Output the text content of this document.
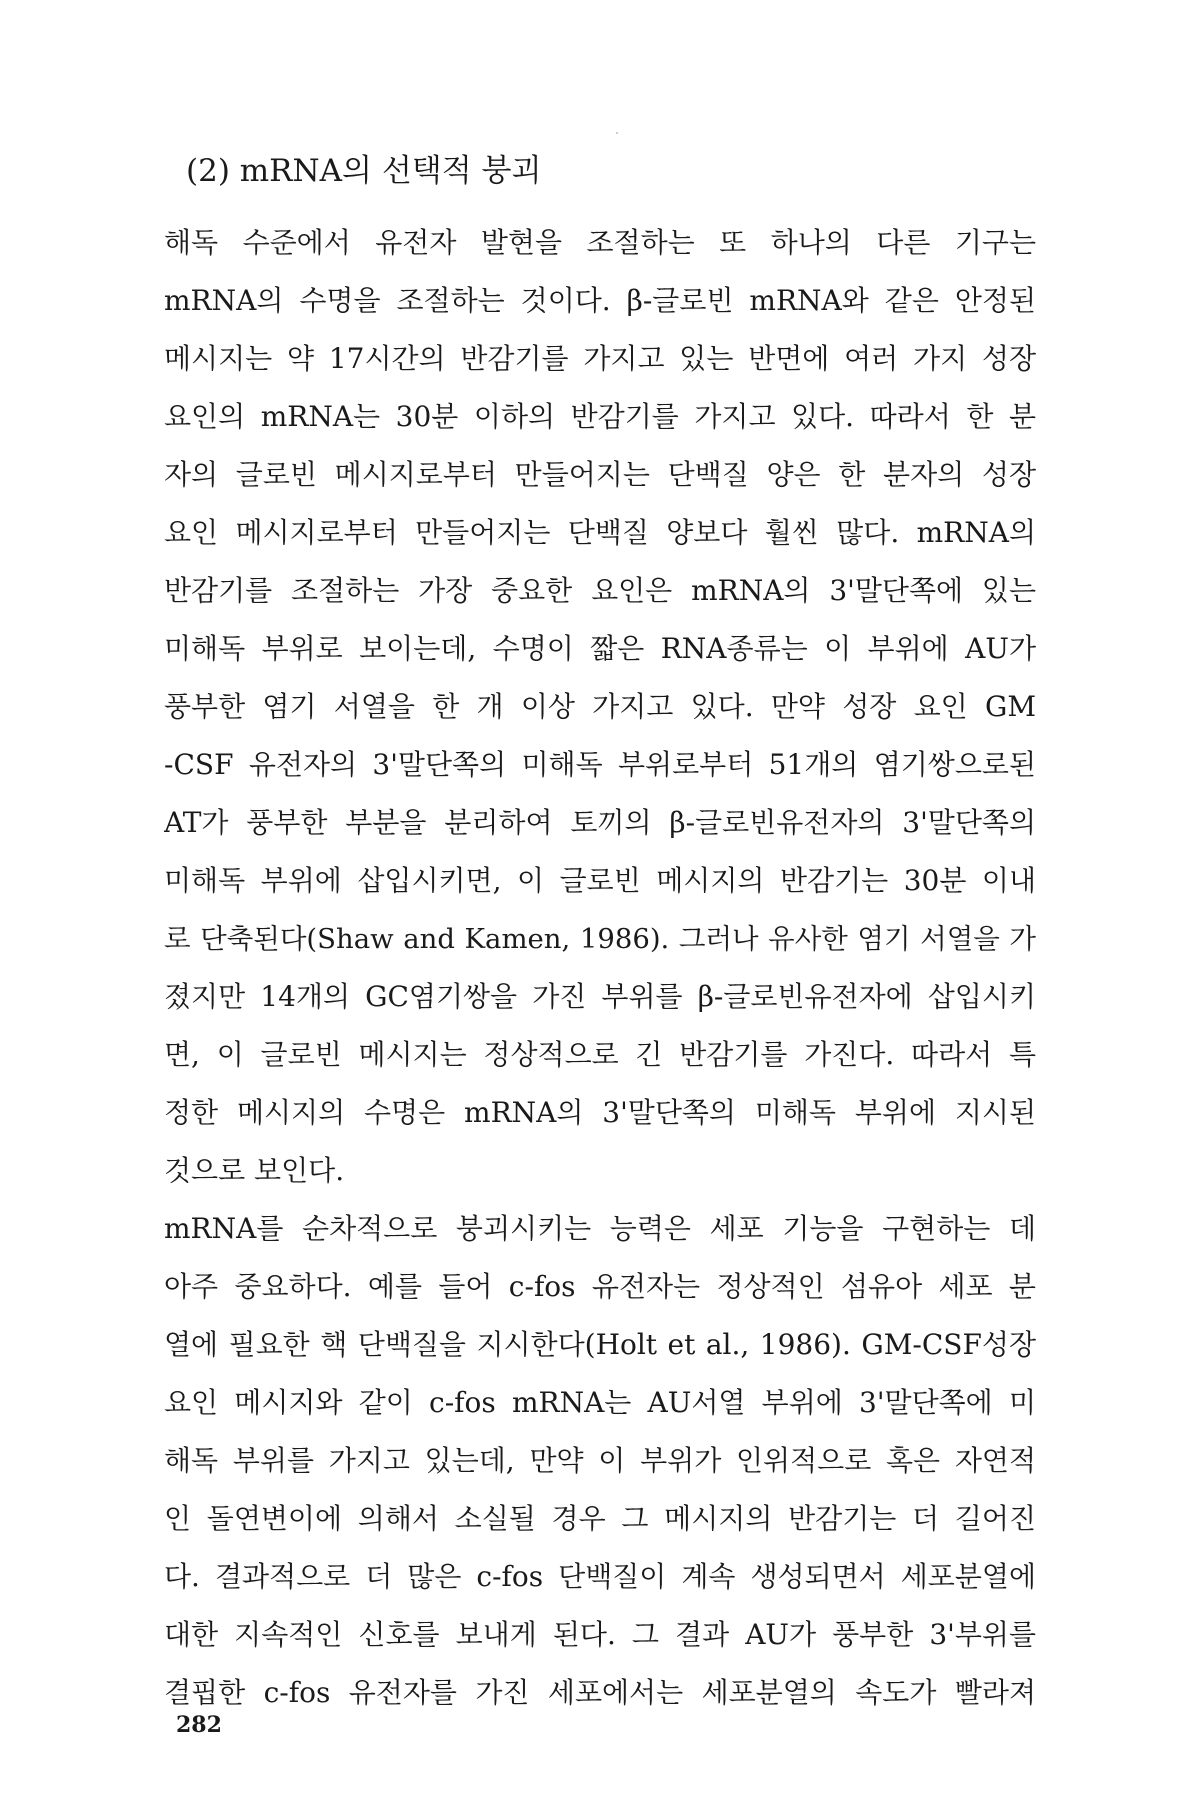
(2) mRNA의 선택적 붕괴
해독 수준에서 유전자 발현을 조절하는 또 하나의 다른 기구는
mRNA의 수명을 조절하는 것이다. β-글로빈 mRNA와 같은 안정된
메시지는 약 17시간의 반감기를 가지고 있는 반면에 여러 가지 성장
요인의 mRNA는 30분 이하의 반감기를 가지고 있다. 따라서 한 분
자의 글로빈 메시지로부터 만들어지는 단백질 양은 한 분자의 성장
요인 메시지로부터 만들어지는 단백질 양보다 훨씬 많다. mRNA의
반감기를 조절하는 가장 중요한 요인은 mRNA의 3'말단쪽에 있는
미해독 부위로 보이는데, 수명이 짧은 RNA종류는 이 부위에 AU가
풍부한 염기 서열을 한 개 이상 가지고 있다. 만약 성장 요인 GM
-CSF 유전자의 3'말단쪽의 미해독 부위로부터 51개의 염기쌍으로된
AT가 풍부한 부분을 분리하여 토끼의 β-글로빈유전자의 3'말단쪽의
미해독 부위에 삽입시키면, 이 글로빈 메시지의 반감기는 30분 이내
로 단축된다(Shaw and Kamen, 1986). 그러나 유사한 염기 서열을 가
졌지만 14개의 GC염기쌍을 가진 부위를 β-글로빈유전자에 삽입시키
면, 이 글로빈 메시지는 정상적으로 긴 반감기를 가진다. 따라서 특
정한 메시지의 수명은 mRNA의 3'말단쪽의 미해독 부위에 지시된
것으로 보인다.
mRNA를 순차적으로 붕괴시키는 능력은 세포 기능을 구현하는 데
아주 중요하다. 예를 들어 c-fos 유전자는 정상적인 섬유아 세포 분
열에 필요한 핵 단백질을 지시한다(Holt et al., 1986). GM-CSF성장
요인 메시지와 같이 c-fos mRNA는 AU서열 부위에 3'말단쪽에 미
해독 부위를 가지고 있는데, 만약 이 부위가 인위적으로 혹은 자연적
인 돌연변이에 의해서 소실될 경우 그 메시지의 반감기는 더 길어진
다. 결과적으로 더 많은 c-fos 단백질이 계속 생성되면서 세포분열에
대한 지속적인 신호를 보내게 된다. 그 결과 AU가 풍부한 3'부위를
결핍한 c-fos 유전자를 가진 세포에서는 세포분열의 속도가 빨라져

282
